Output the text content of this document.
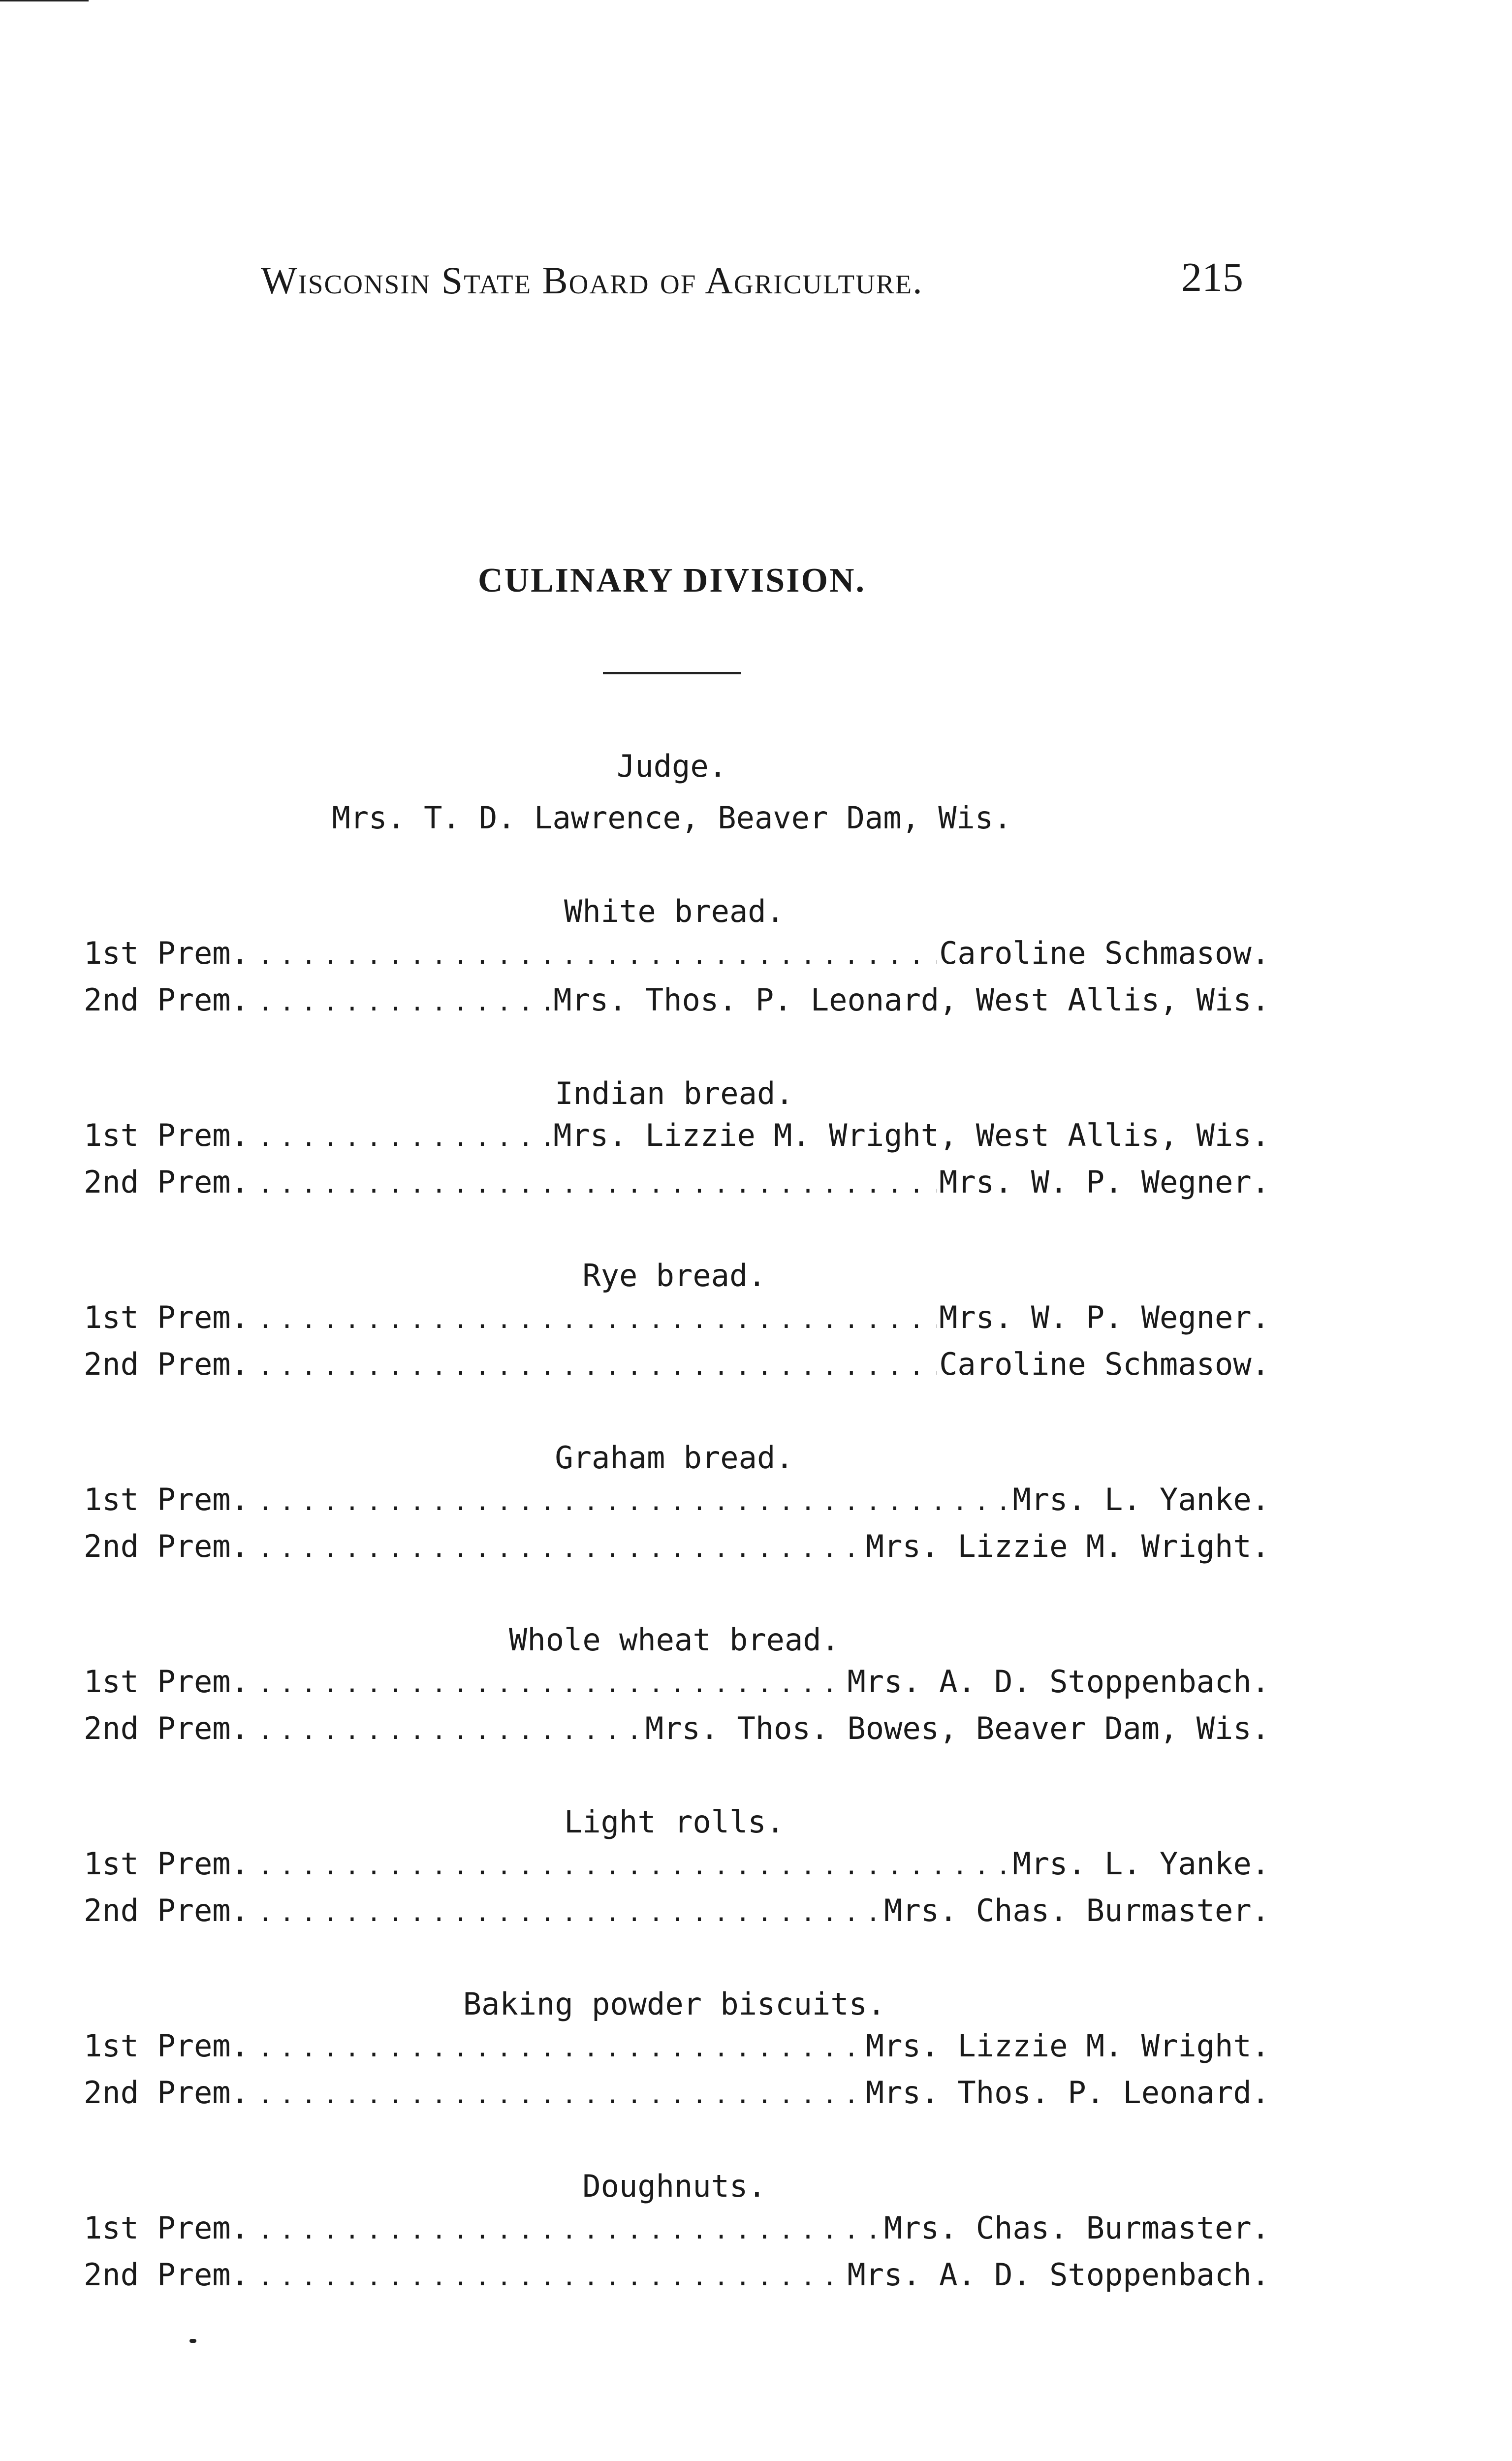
Wisconsin State Board of Agriculture.	215
CULINARY DIVISION.
Judge.
Mrs. T. D. Lawrence, Beaver Dam, Wis.
White bread.
1st Prem. .....	Caroline Schmasow.
2nd Prem. .....	Mrs. Thos. P. Leonard, West Allis, Wis.
Indian bread.
1st Prem. .....	Mrs. Lizzie M. Wright, West Allis, Wis.
2nd Prem. .....	Mrs. W. P. Wegner.
Rye bread.
1st Prem. .....	Mrs. W. P. Wegner.
2nd Prem. .....	Caroline Schmasow.
Graham bread.
1st Prem. .....	Mrs. L. Yanke.
2nd Prem. .....	Mrs. Lizzie M. Wright.
Whole wheat bread.
1st Prem. .....	Mrs. A. D. Stoppenbach.
2nd Prem. .....	Mrs. Thos. Bowes, Beaver Dam, Wis.
Light rolls.
1st Prem. .....	Mrs. L. Yanke.
2nd Prem. .....	Mrs. Chas. Burmaster.
Baking powder biscuits.
1st Prem. .....	Mrs. Lizzie M. Wright.
2nd Prem. .....	Mrs. Thos. P. Leonard.
Doughnuts.
1st Prem. .....	Mrs. Chas. Burmaster.
2nd Prem. .....	Mrs. A. D. Stoppenbach.
